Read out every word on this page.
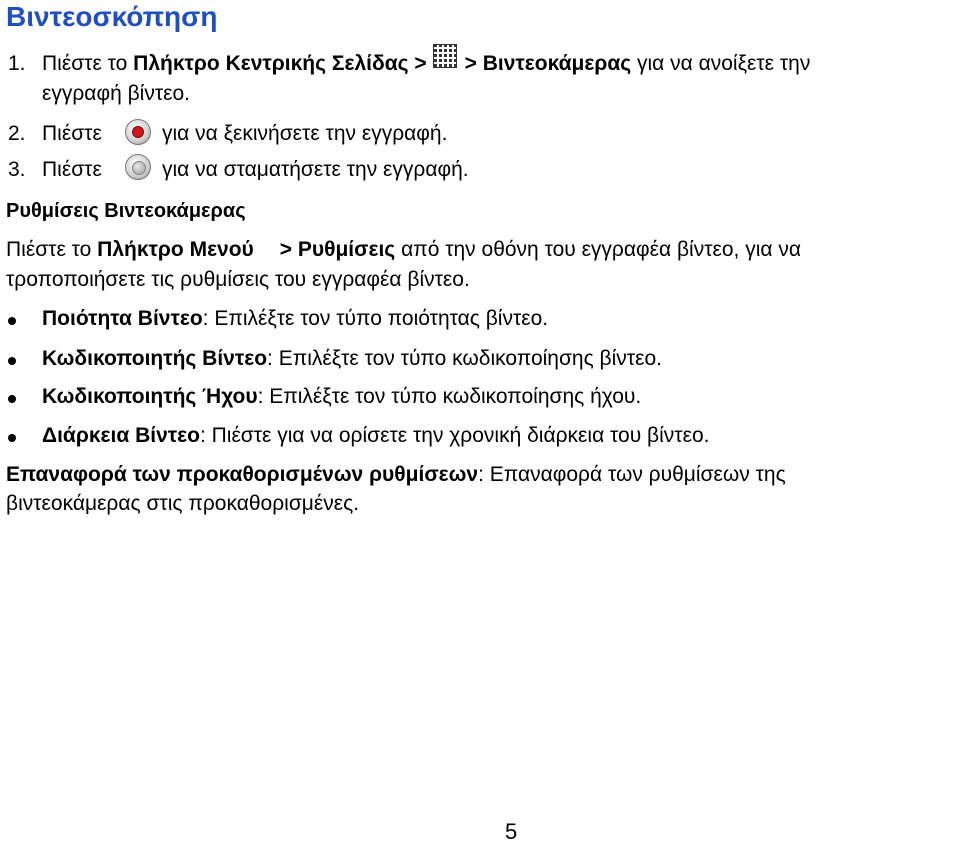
Βιντεοσκόπηση
1. Πιέστε το Πλήκτρο Κεντρικής Σελίδας > > Βιντεοκάμερας για να ανοίξετε την
εγγραφή βίντεο.
2. Πιέστε	για να ξεκινήσετε την εγγραφή.
3. Πιέστε	για να σταματήσετε την εγγραφή.
Ρυθμίσεις Βιντεοκάμερας
Πιέστε το Πλήκτρο Μενού > Ρυθμίσεις από την οθόνη του εγγραφέα βίντεο, για να
τροποποιήσετε τις ρυθμίσεις του εγγραφέα βίντεο.
Ποιότητα Βίντεο: Επιλέξτε τον τύπο ποιότητας βίντεο.
Κωδικοποιητής Βίντεο: Επιλέξτε τον τύπο κωδικοποίησης βίντεο.
Κωδικοποιητής Ήχου: Επιλέξτε τον τύπο κωδικοποίησης ήχου.
Διάρκεια Βίντεο: Πιέστε για να ορίσετε την χρονική διάρκεια του βίντεο.
Επαναφορά των προκαθορισμένων ρυθμίσεων: Επαναφορά των ρυθμίσεων της
βιντεοκάμερας στις προκαθορισμένες.
5
